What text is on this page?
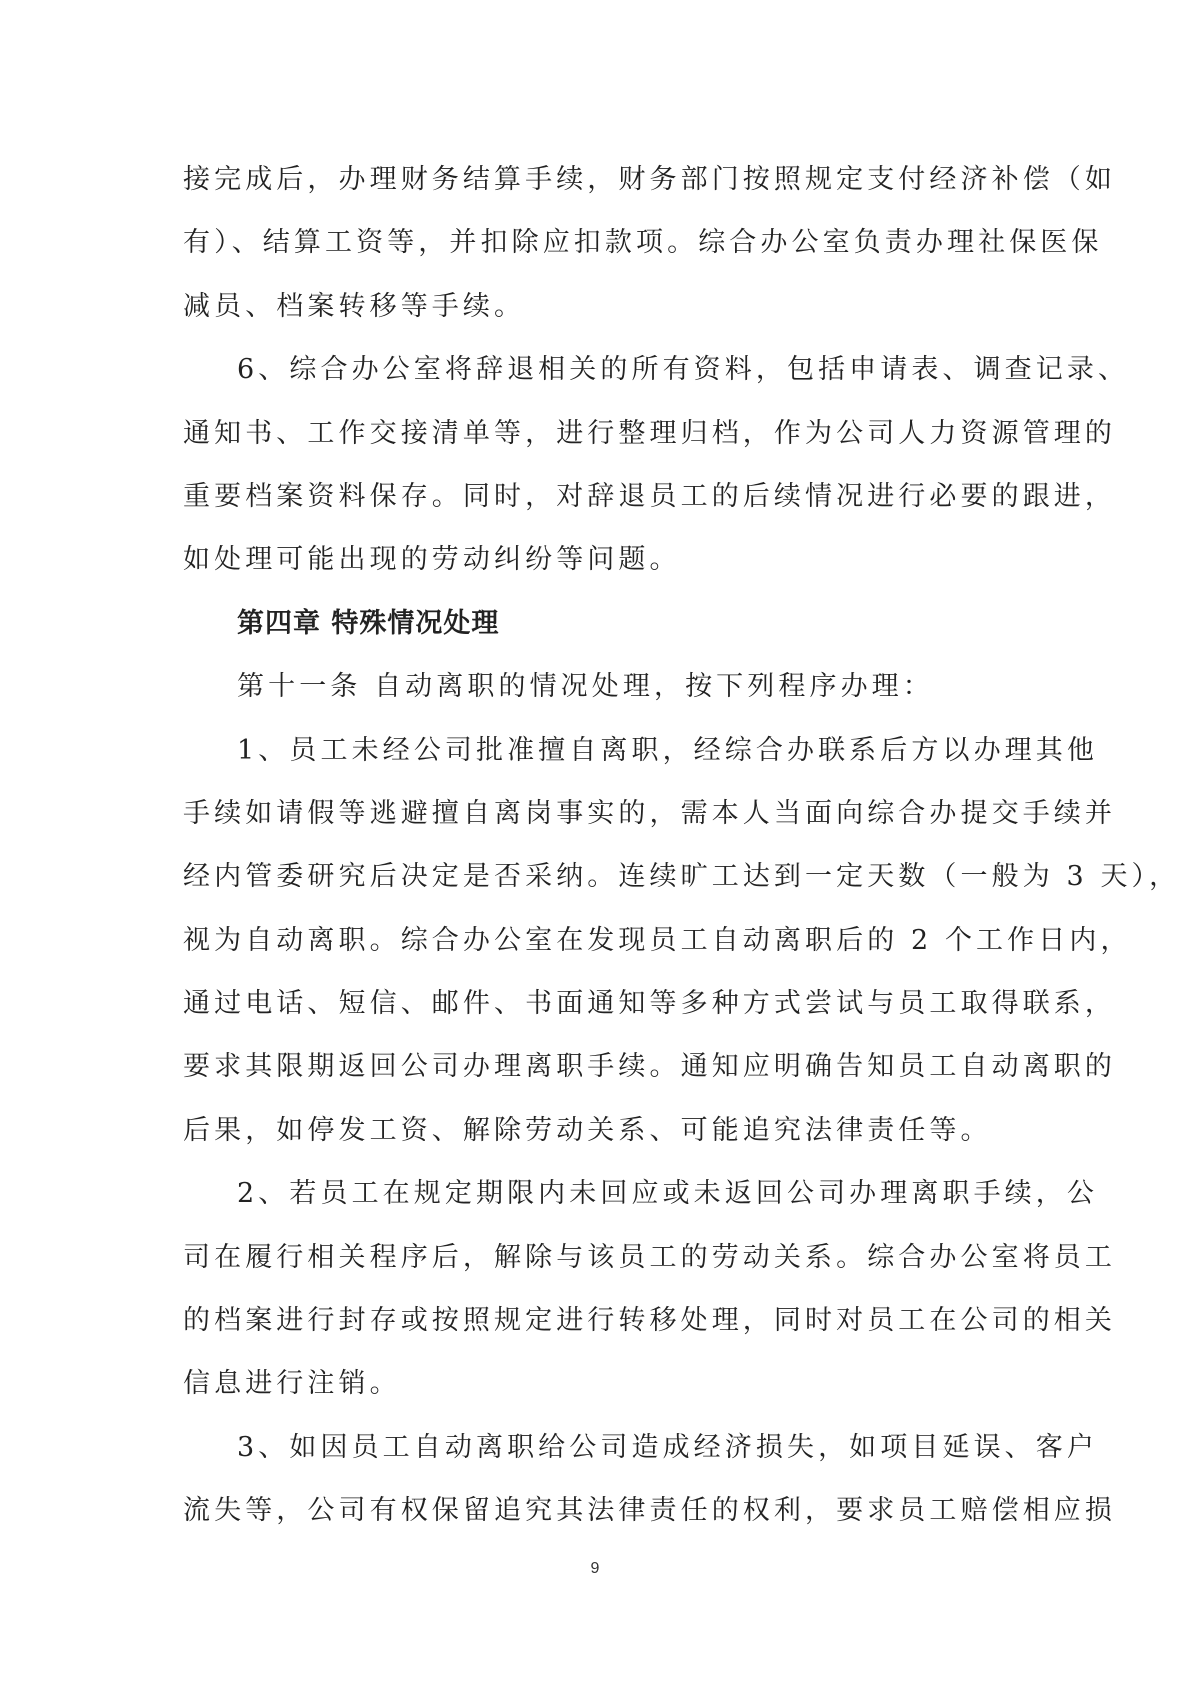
接完成后，办理财务结算手续，财务部门按照规定支付经济补偿（如
有）、结算工资等，并扣除应扣款项。综合办公室负责办理社保医保
减员、档案转移等手续。
6、综合办公室将辞退相关的所有资料，包括申请表、调查记录、
通知书、工作交接清单等，进行整理归档，作为公司人力资源管理的
重要档案资料保存。同时，对辞退员工的后续情况进行必要的跟进，
如处理可能出现的劳动纠纷等问题。
第四章 特殊情况处理
第十一条 自动离职的情况处理，按下列程序办理：
1、员工未经公司批准擅自离职，经综合办联系后方以办理其他
手续如请假等逃避擅自离岗事实的，需本人当面向综合办提交手续并
经内管委研究后决定是否采纳。连续旷工达到一定天数（一般为 3 天），
视为自动离职。综合办公室在发现员工自动离职后的 2 个工作日内，
通过电话、短信、邮件、书面通知等多种方式尝试与员工取得联系，
要求其限期返回公司办理离职手续。通知应明确告知员工自动离职的
后果，如停发工资、解除劳动关系、可能追究法律责任等。
2、若员工在规定期限内未回应或未返回公司办理离职手续，公
司在履行相关程序后，解除与该员工的劳动关系。综合办公室将员工
的档案进行封存或按照规定进行转移处理，同时对员工在公司的相关
信息进行注销。
3、如因员工自动离职给公司造成经济损失，如项目延误、客户
流失等，公司有权保留追究其法律责任的权利，要求员工赔偿相应损
9
